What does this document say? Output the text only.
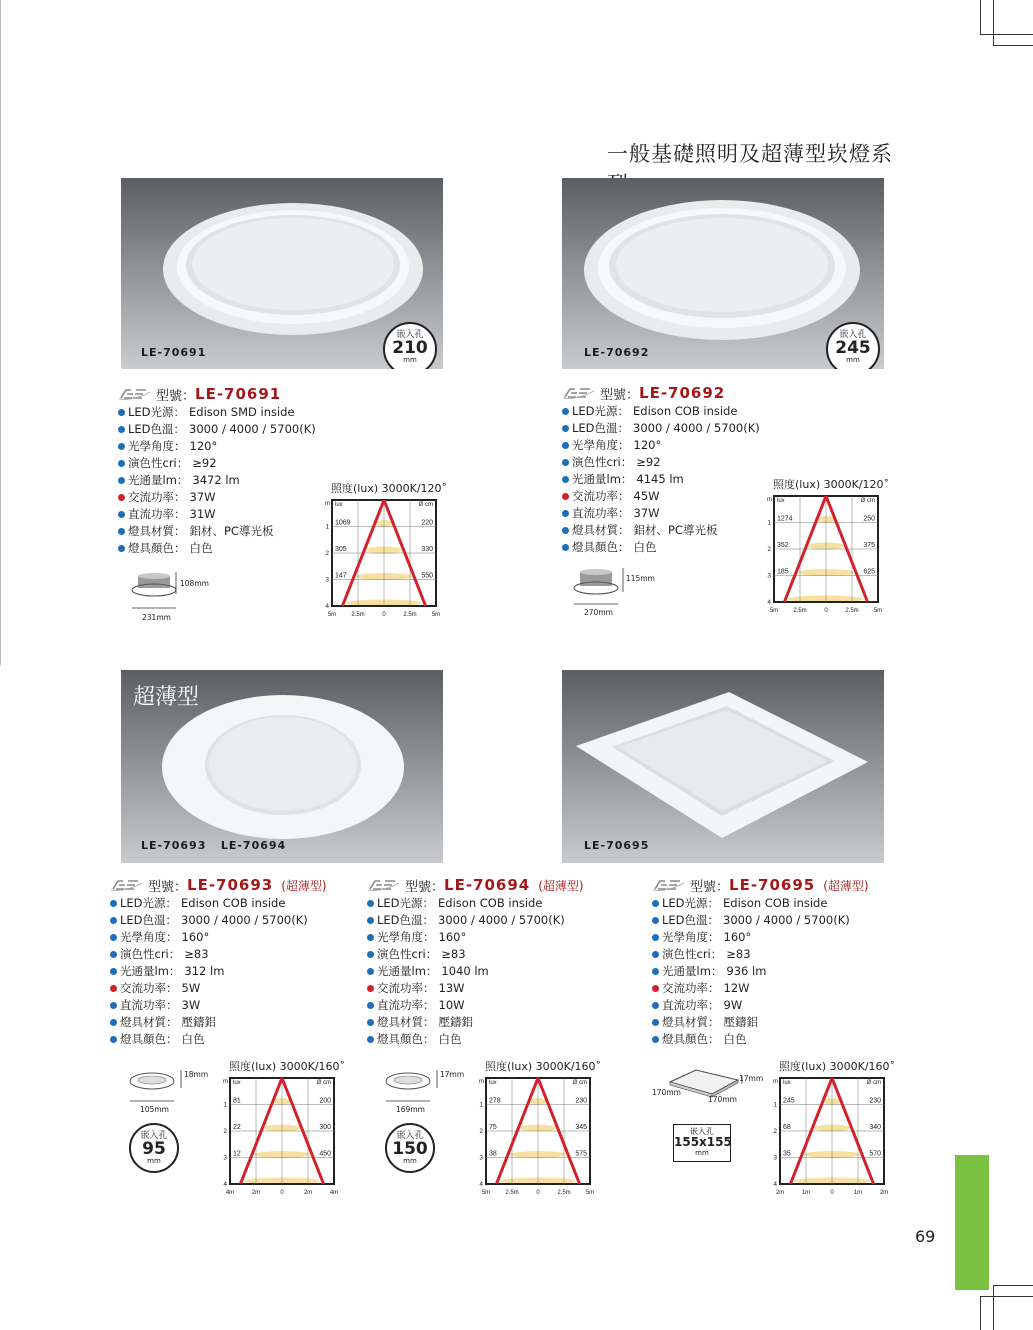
一般基礎照明及超薄型崁燈系
LE-70691
嵌入孔
210
mm
LE-70692
嵌入孔
245
mm
超薄型
LE-70693   LE-70694	LE-70695
型號： LE-70691
LED光源： Edison SMD inside
LED色溫： 3000 / 4000 / 5700(K)
光學角度： 120°
演色性cri： ≥92
光通量lm： 3472 lm
交流功率： 37W
直流功率： 31W
燈具材質： 鋁材、PC導光板
燈具顏色： 白色
型號： LE-70692
LED光源： Edison COB inside
LED色溫： 3000 / 4000 / 5700(K)
光學角度： 120°
演色性cri： ≥92
光通量lm： 4145 lm
交流功率： 45W
直流功率： 37W
燈具材質： 鋁材、PC導光板
燈具顏色： 白色
型號： LE-70693 (超薄型)
LED光源： Edison COB inside
LED色溫： 3000 / 4000 / 5700(K)
光學角度： 160°
演色性cri： ≥83
光通量lm： 312 lm
交流功率： 5W
直流功率： 3W
燈具材質： 壓鑄鋁
燈具顏色： 白色
型號： LE-70694 (超薄型)
LED光源： Edison COB inside
LED色溫： 3000 / 4000 / 5700(K)
光學角度： 160°
演色性cri： ≥83
光通量lm： 1040 lm
交流功率： 13W
直流功率： 10W
燈具材質： 壓鑄鋁
燈具顏色： 白色
型號： LE-70695 (超薄型)
LED光源： Edison COB inside
LED色溫： 3000 / 4000 / 5700(K)
光學角度： 160°
演色性cri： ≥83
光通量lm： 936 lm
交流功率： 12W
直流功率： 9W
燈具材質： 壓鑄鋁
燈具顏色： 白色
108mm
231mm
115mm
270mm
18mm
105mm
17mm
169mm
17mm
170mm
170mm
嵌入孔
95
mm
嵌入孔
150
mm
嵌入孔
155x155
mm
照度(lux) 3000K/120˚
m lux	Ø cm
1
2
3
4
1069
305
147
220
330
550
5m	2.5m	0	2.5m	5m
照度(lux) 3000K/120˚
m lux	Ø cm
1
2
3
4
1274
352
185
250
375
625
5m	2.5m	0	2.5m	5m
照度(lux) 3000K/160˚
m lux	Ø cm
1
2
3
4
81
22
12
200
300
450
4m	2m	0	2m	4m
照度(lux) 3000K/160˚
m lux	Ø cm
1
2
3
4
278
75
38
230
345
575
5m	2.5m	0	2.5m	5m
照度(lux) 3000K/160˚
m lux	Ø cm
1
2
3
4
245
68
35
230
340
570
2m	1m	0	1m	2m
69
